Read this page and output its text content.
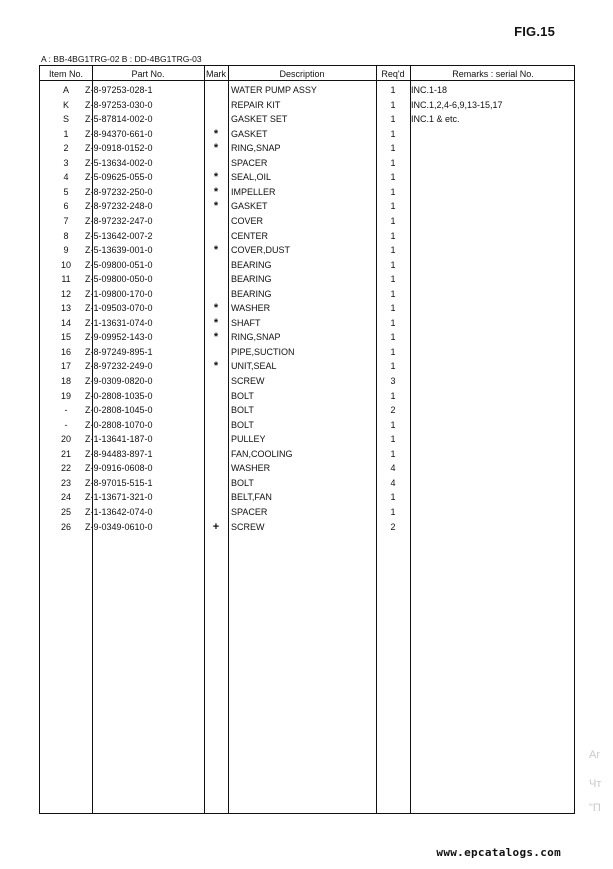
FIG.15
A : BB-4BG1TRG-02 B : DD-4BG1TRG-03
Item No.	Part No.	Mark	Description	Req'd	Remarks : serial No.
A	Z-8-97253-028-1	WATER PUMP ASSY	1	INC.1-18
K	Z-8-97253-030-0	REPAIR KIT	1	INC.1,2,4-6,9,13-15,17
S	Z-5-87814-002-0	GASKET SET	1	INC.1 & etc.
1	Z-8-94370-661-0	*	GASKET	1
2	Z-9-0918-0152-0	*	RING,SNAP	1
3	Z-5-13634-002-0	SPACER	1
4	Z-5-09625-055-0	*	SEAL,OIL	1
5	Z-8-97232-250-0	*	IMPELLER	1
6	Z-8-97232-248-0	*	GASKET	1
7	Z-8-97232-247-0	COVER	1
8	Z-5-13642-007-2	CENTER	1
9	Z-5-13639-001-0	*	COVER,DUST	1
10	Z-5-09800-051-0	BEARING	1
11	Z-5-09800-050-0	BEARING	1
12	Z-1-09800-170-0	BEARING	1
13	Z-1-09503-070-0	*	WASHER	1
14	Z-1-13631-074-0	*	SHAFT	1
15	Z-9-09952-143-0	*	RING,SNAP	1
16	Z-8-97249-895-1	PIPE,SUCTION	1
17	Z-8-97232-249-0	*	UNIT,SEAL	1
18	Z-9-0309-0820-0	SCREW	3
19	Z-0-2808-1035-0	BOLT	1
-	Z-0-2808-1045-0	BOLT	2
-	Z-0-2808-1070-0	BOLT	1
20	Z-1-13641-187-0	PULLEY	1
21	Z-8-94483-897-1	FAN,COOLING	1
22	Z-9-0916-0608-0	WASHER	4
23	Z-8-97015-515-1	BOLT	4
24	Z-1-13671-321-0	BELT,FAN	1
25	Z-1-13642-074-0	SPACER	1
26	Z-9-0349-0610-0	+	SCREW	2
Ar
Чт
"П
www.epcatalogs.com
